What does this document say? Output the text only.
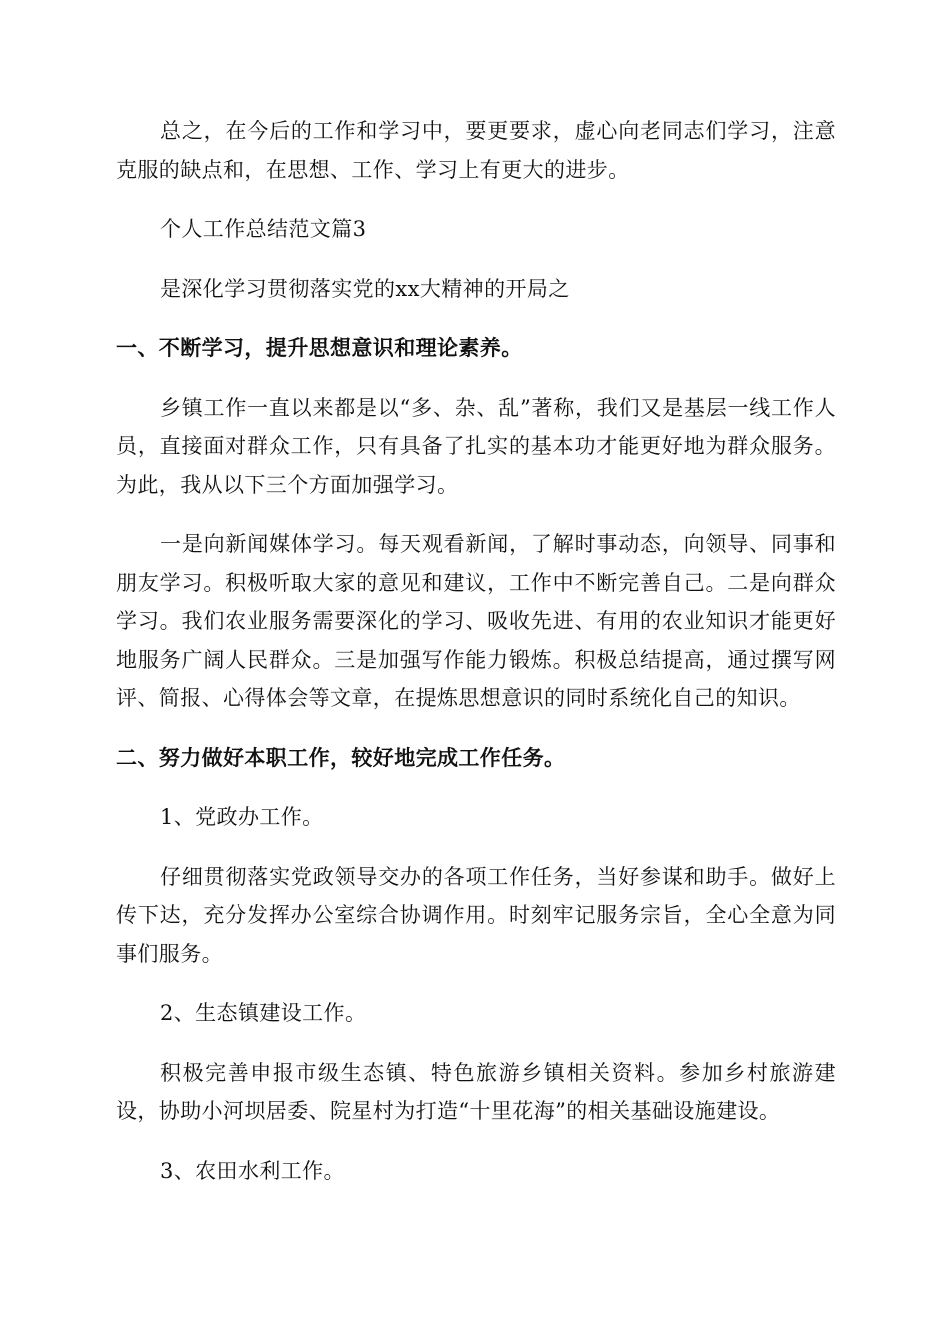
总之，在今后的工作和学习中，要更要求，虚心向老同志们学习，注意克服的缺点和，在思想、工作、学习上有更大的进步。

个人工作总结范文篇3

是深化学习贯彻落实党的xx大精神的开局之

一、不断学习，提升思想意识和理论素养。

乡镇工作一直以来都是以“多、杂、乱”著称，我们又是基层一线工作人员，直接面对群众工作，只有具备了扎实的基本功才能更好地为群众服务。为此，我从以下三个方面加强学习。

一是向新闻媒体学习。每天观看新闻，了解时事动态，向领导、同事和朋友学习。积极听取大家的意见和建议，工作中不断完善自己。二是向群众学习。我们农业服务需要深化的学习、吸收先进、有用的农业知识才能更好地服务广阔人民群众。三是加强写作能力锻炼。积极总结提高，通过撰写网评、简报、心得体会等文章，在提炼思想意识的同时系统化自己的知识。

二、努力做好本职工作，较好地完成工作任务。

1、党政办工作。

仔细贯彻落实党政领导交办的各项工作任务，当好参谋和助手。做好上传下达，充分发挥办公室综合协调作用。时刻牢记服务宗旨，全心全意为同事们服务。

2、生态镇建设工作。

积极完善申报市级生态镇、特色旅游乡镇相关资料。参加乡村旅游建设，协助小河坝居委、院星村为打造“十里花海”的相关基础设施建设。

3、农田水利工作。
